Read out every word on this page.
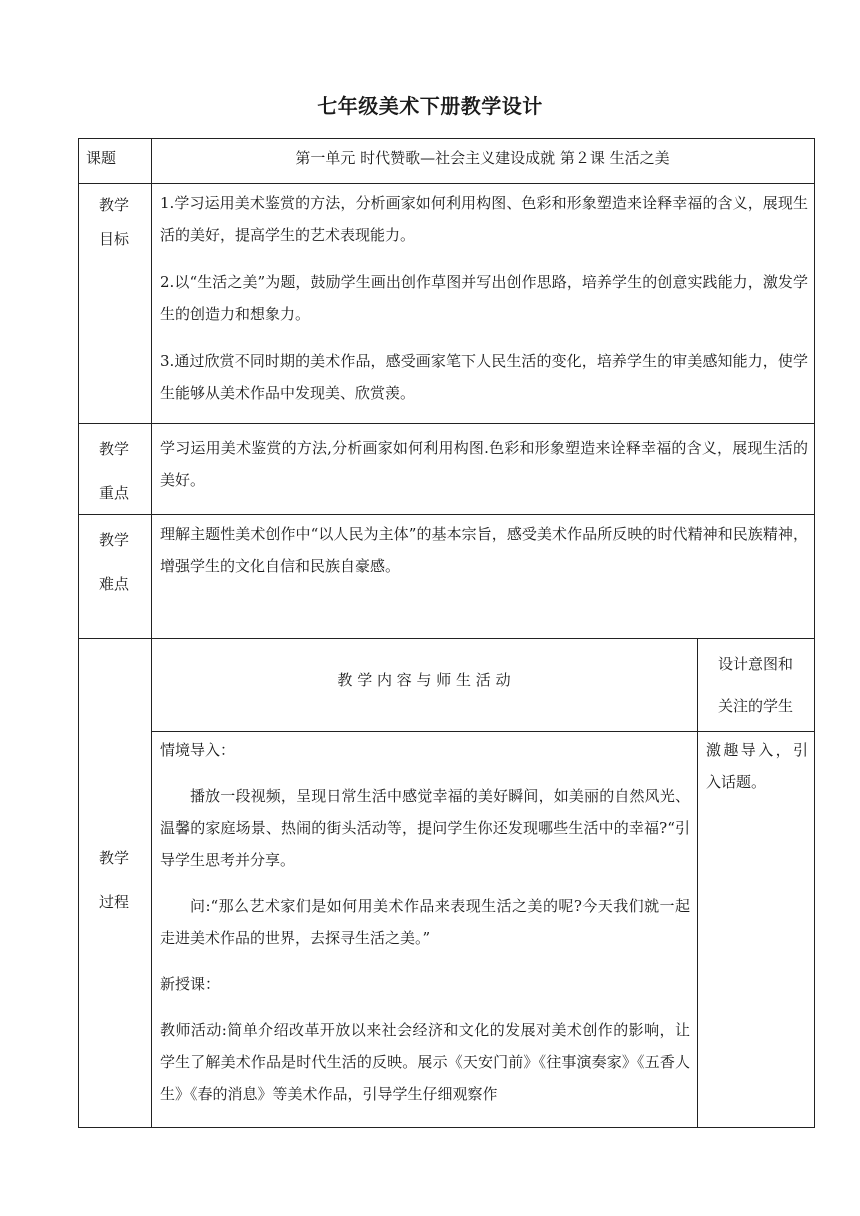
七年级美术下册教学设计
课题	第一单元 时代赞歌—社会主义建设成就 第２课 生活之美
教学
目标

1.学习运用美术鉴赏的方法，分析画家如何利用构图、色彩和形象塑造来诠释幸福的含义，展现生活的美好，提高学生的艺术表现能力。

2.以“生活之美”为题，鼓励学生画出创作草图并写出创作思路，培养学生的创意实践能力，激发学生的创造力和想象力。

3.通过欣赏不同时期的美术作品，感受画家笔下人民生活的变化，培养学生的审美感知能力，使学生能够从美术作品中发现美、欣赏羡。

教学
重点
学习运用美术鉴赏的方法,分析画家如何利用构图.色彩和形象塑造来诠释幸福的含义，展现生活的美好。
教学
难点
理解主题性美术创作中“以人民为主体”的基本宗旨，感受美术作品所反映的时代精神和民族精神，增强学生的文化自信和民族自豪感。
教学
过程
教 学 内 容 与 师 生 活 动
设计意图和
关注的学生

情境导入：

播放一段视频，呈现日常生活中感觉幸福的美好瞬间，如美丽的自然风光、温馨的家庭场景、热闹的街头活动等，提问学生你还发现哪些生活中的幸福?“引导学生思考并分享。

问:“那么艺术家们是如何用美术作品来表现生活之美的呢?今天我们就一起走进美术作品的世界，去探寻生活之美。”

新授课：

教师活动:简单介绍改革开放以来社会经济和文化的发展对美术创作的影响，让学生了解美术作品是时代生活的反映。展示《天安门前》《往事演奏家》《五香人生》《春的消息》等美术作品，引导学生仔细观察作

激趣导入，引入话题。
